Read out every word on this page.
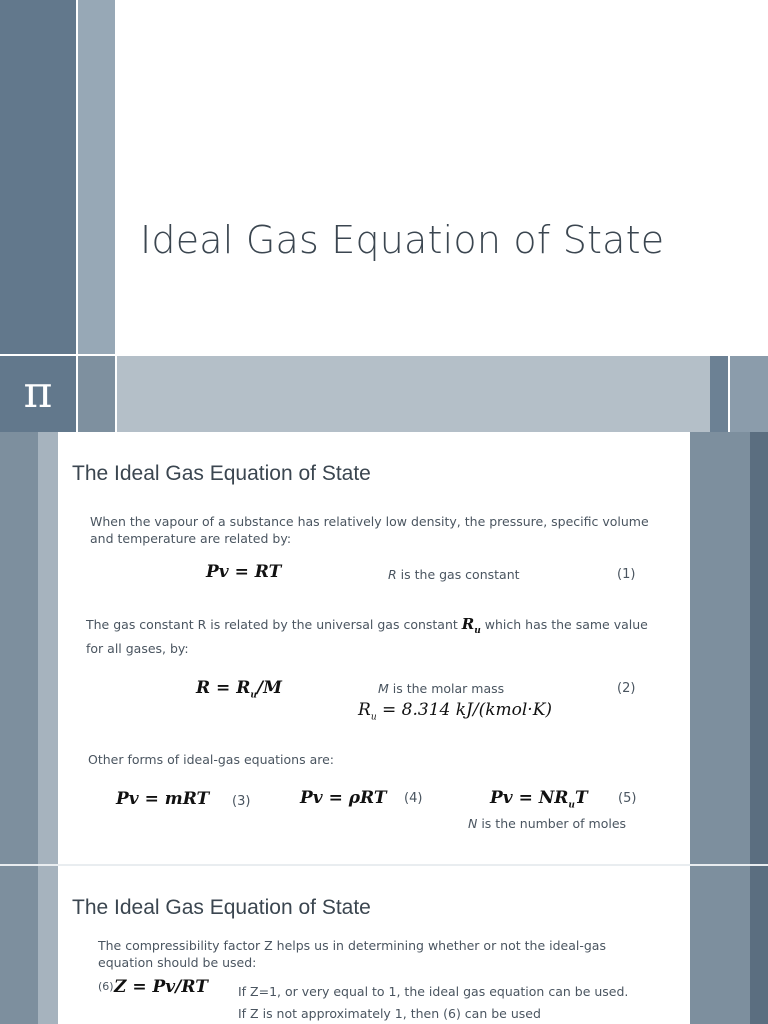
π
Ideal Gas Equation of State
The Ideal Gas Equation of State
When the vapour of a substance has relatively low density, the pressure, specific volume and temperature are related by:
Pv = RT	R is the gas constant	(1)
The gas constant R is related by the universal gas constant $R_u$ which has the same value for all gases, by:
$R = R_u/M$	M is the molar mass	(2)
$R_u = 8.314$ kJ/(kmol·K)
Other forms of ideal-gas equations are:
Pv = mRT (3)	Pv = ρRT (4)	$Pv = NR_uT$ (5)
N is the number of moles
The Ideal Gas Equation of State
The compressibility factor Z helps us in determining whether or not the ideal-gas equation should be used:
(6) Z = Pv/RT If Z=1, or very equal to 1, the ideal gas equation can be used.
If Z is not approximately 1, then (6) can be used
